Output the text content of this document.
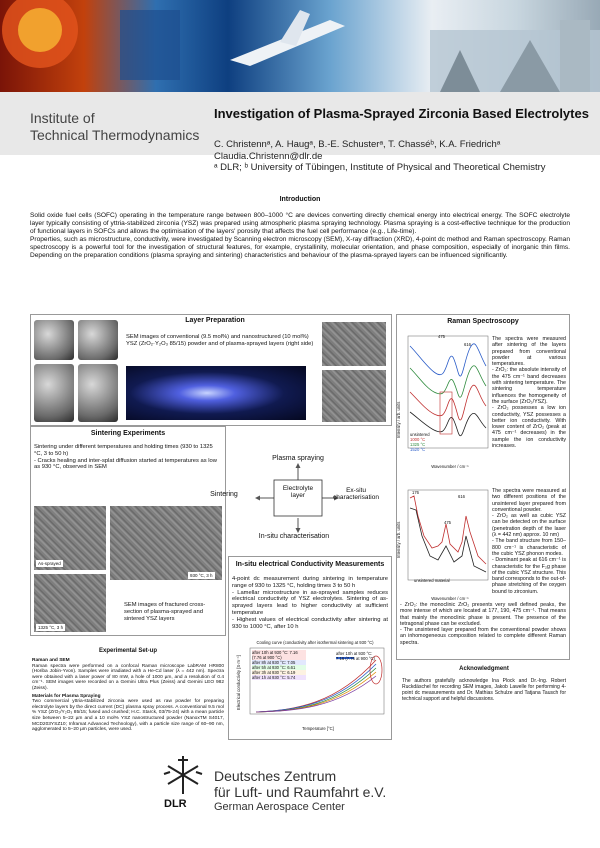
Institute of
Technical Thermodynamics
Investigation of Plasma-Sprayed Zirconia Based Electrolytes
C. Christennᵃ, A. Haugᵃ, B.-E. Schusterᵃ, T. Chasséᵇ, K.A. Friedrichᵃ
Claudia.Christenn@dlr.de
ᵃ DLR; ᵇ University of Tübingen, Institute of Physical and Theoretical Chemistry
Introduction

Solid oxide fuel cells (SOFC) operating in the temperature range between 800–1000 °C are devices converting directly chemical energy into electrical energy. The SOFC electrolyte layer typically consisting of yttria-stabilized zirconia (YSZ) was prepared using atmospheric plasma spraying technology. Plasma spraying is a cost-effective technique for the production of functional layers in SOFCs and allows the optimisation of the layers' porosity that affects the fuel cell performance (e.g., Life-time).

Properties, such as microstructure, conductivity, were investigated by Scanning electron microscopy (SEM), X-ray diffraction (XRD), 4-point dc method and Raman spectroscopy. Raman spectroscopy is a powerful tool for the investigation of structural features, for example, crystallinity, molecular orientation, and phase composition, especially of inorganic thin films. Depending on the preparation conditions (plasma spraying and sintering) characteristics and behaviour of the plasma-sprayed layers can be influenced significantly.

Layer Preparation
SEM images of conventional (9.5 mol%) and nanostructured (10 mol%) YSZ (ZrO₂·Y₂O₃ 85/15) powder and of plasma-sprayed layers (right side)
Sintering Experiments
Sintering under different temperatures and holding times (930 to 1325 °C, 3 to 50 h)
- Cracks healing and inter-splat diffusion started at temperatures as low as 930 °C, observed in SEM
As-sprayed
930 °C, 3 h
1325 °C, 3 h
SEM images of fractured cross-section of plasma-sprayed and sintered YSZ layers
Plasma spraying
Sintering
Electrolyte layer
Ex-situ characterisation
In-situ characterisation
In-situ electrical Conductivity Measurements
4-point dc measurement during sintering in temperature range of 930 to 1325 °C, holding times 3 to 50 h
- Lamellar microstructure in as-sprayed samples reduces electrical conductivity of YSZ electrolytes. Sintering of as-sprayed layers lead to higher conductivity at sufficient temperature
- Highest values of electrical conductivity after sintering at 930 to 1000 °C, after 10 h
Cooling curve (conductivity after isothermal sintering at 930 °C)
after 10h at 930 °C: 7.16 (7.76 at 900 °C)
after 8h at 930 °C: 7.05
after 5h at 930 °C: 6.61
after 3h at 930 °C: 6.19
after 1h at 930 °C: 5.74
after 10h at 930 °C: 7.16 (7.76 at 900 °C)
Electrical conductivity [S·m⁻¹]
Temperature [°C]
Raman Spectroscopy
475
616
unsintered
1000 °C
1325 °C
1520 °C
Wavenumber / cm⁻¹
The spectra were measured after sintering of the layers prepared from conventional powder at various temperatures.
- ZrO₂: the absolute intensity of the 475 cm⁻¹ band decreases with sintering temperature. The sintering temperature influences the homogeneity of the surface (ZrO₂/YSZ).
- ZrO₂ possesses a low ion conductivity, YSZ possesses a better ion conductivity. With lower content of ZrO₂ (peak at 475 cm⁻¹ decreases) in the sample the ion conductivity increases.
176
475
616
unsintered material
Wavenumber / cm⁻¹
The spectra were measured at two different positions of the unsintered layer prepared from conventional powder.
- ZrO₂ as well as cubic YSZ can be detected on the surface (penetration depth of the laser (λ = 442 nm) approx. 10 nm)
- The band structure from 150–800 cm⁻¹ is characteristic of the cubic YSZ phonon modes.
- Dominant peak at 616 cm⁻¹ is characteristic for the F₂g phase of the cubic YSZ structure. This band corresponds to the out-of-phase stretching of the oxygen bound to zirconium.
- ZrO₂: the monoclinic ZrO₂ presents very well defined peaks, the more intense of which are located at 177, 190, 475 cm⁻¹. That means that mainly the monoclinic phase is present. The presence of the tetragonal phase can be excluded.
- The unsintered layer prepared from the conventional powder shows an inhomogeneous composition related to complete different Raman spectra.
Intensity / arb. units
Intensity / arb. units
Experimental Set-up
Raman and SEM
Raman spectra were performed on a confocal Raman microscope LabRAM HR800 (Horiba Jobin-Yvon). Samples were irradiated with a He-Cd laser (λ = 442 nm). Spectra were obtained with a laser power of 80 mW, a hole of 1000 µm, and a resolution of 0.4 cm⁻¹. SEM images were recorded on a Gemini Ultra Plus (Zeiss) and Gemini LEO 982 (Zeiss).
Materials for Plasma Spraying
Two commercial yttria-stabilized zirconia were used as raw powder for preparing electrolyte layers by the direct current (DC) plasma spray process. A conventional 9.5 mol % YSZ (ZrO₂/Y₂O₃ 85/15; fused and crushed; H.C. Starck, 03/75-24) with a mean particle size between 5–22 µm and a 10 mol% YSZ nanostructured powder (NanoxTM S4017, MCD203YSZ10; Inframat Advanced Technology), with a particle size range of 60–90 nm, agglomerated to 5–20 µm particles, were used.
Acknowledgment
The authors gratefully acknowledge Ina Plock and Dr.-Ing. Robert Ruckdäschel for recording SEM images, Jakob Lawelle for performing 4-point dc measurements and Dr. Mathias Schulze and Tatjana Tausch for technical support and helpful discussions.
DLR
Deutsches Zentrum
für Luft- und Raumfahrt e.V.
German Aerospace Center
